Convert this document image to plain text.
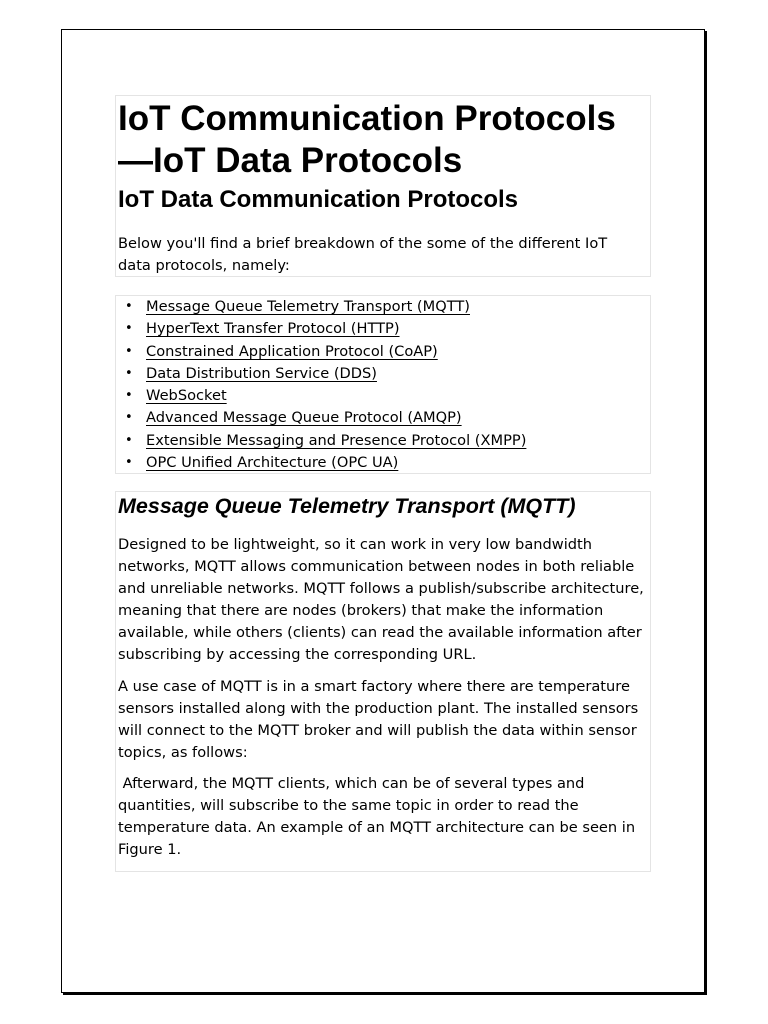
IoT Communication Protocols—IoT Data Protocols
IoT Data Communication Protocols

Below you'll find a brief breakdown of the some of the different IoT data protocols, namely:

• Message Queue Telemetry Transport (MQTT)
• HyperText Transfer Protocol (HTTP)
• Constrained Application Protocol (CoAP)
• Data Distribution Service (DDS)
• WebSocket
• Advanced Message Queue Protocol (AMQP)
• Extensible Messaging and Presence Protocol (XMPP)
• OPC Unified Architecture (OPC UA)
Message Queue Telemetry Transport (MQTT)

Designed to be lightweight, so it can work in very low bandwidth networks, MQTT allows communication between nodes in both reliable and unreliable networks. MQTT follows a publish/subscribe architecture, meaning that there are nodes (brokers) that make the information available, while others (clients) can read the available information after subscribing by accessing the corresponding URL.

A use case of MQTT is in a smart factory where there are temperature sensors installed along with the production plant. The installed sensors will connect to the MQTT broker and will publish the data within sensor topics, as follows:

Afterward, the MQTT clients, which can be of several types and quantities, will subscribe to the same topic in order to read the temperature data. An example of an MQTT architecture can be seen in Figure 1.
